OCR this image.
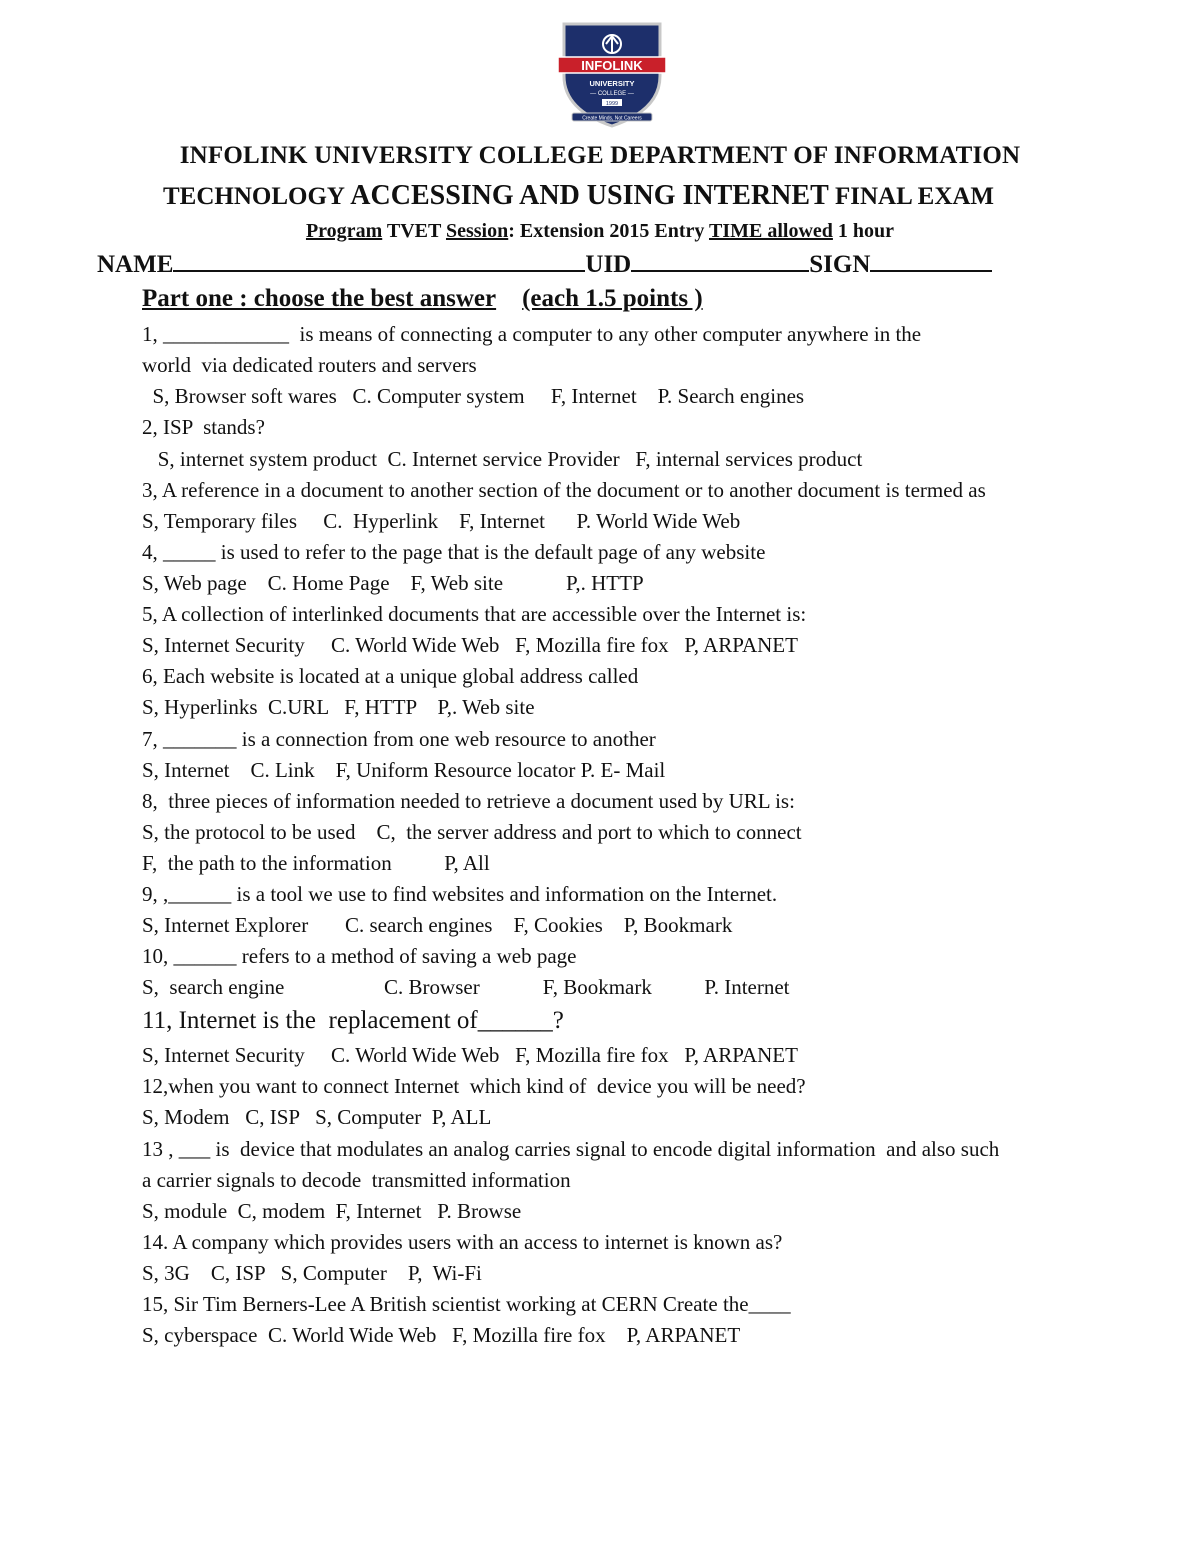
INFOLINK
UNIVERSITY
— COLLEGE —
1999
Create Minds, Not Careers
INFOLINK UNIVERSITY COLLEGE DEPARTMENT OF INFORMATION
TECHNOLOGY ACCESSING AND USING INTERNET FINAL EXAM
Program TVET Session: Extension 2015 Entry TIME allowed 1 hour
NAME	UID	SIGN
Part one : choose the best answer (each 1.5 points )
1, ____________  is means of connecting a computer to any other computer anywhere in the
world  via dedicated routers and servers
S, Browser soft wares   C. Computer system     F, Internet    P. Search engines
2, ISP  stands?
S, internet system product  C. Internet service Provider   F, internal services product
3, A reference in a document to another section of the document or to another document is termed as
S, Temporary files     C.  Hyperlink    F, Internet      P. World Wide Web
4, _____ is used to refer to the page that is the default page of any website
S, Web page    C. Home Page    F, Web site            P,. HTTP
5, A collection of interlinked documents that are accessible over the Internet is:
S, Internet Security     C. World Wide Web   F, Mozilla fire fox   P, ARPANET
6, Each website is located at a unique global address called
S, Hyperlinks  C.URL   F, HTTP    P,. Web site
7, _______ is a connection from one web resource to another
S, Internet    C. Link    F, Uniform Resource locator P. E- Mail
8,  three pieces of information needed to retrieve a document used by URL is:
S, the protocol to be used    C,  the server address and port to which to connect
F,  the path to the information          P, All
9, ,______ is a tool we use to find websites and information on the Internet.
S, Internet Explorer       C. search engines    F, Cookies    P, Bookmark
10, ______ refers to a method of saving a web page
S,  search engine                   C. Browser            F, Bookmark          P. Internet
11, Internet is the  replacement of______?
S, Internet Security     C. World Wide Web   F, Mozilla fire fox   P, ARPANET
12,when you want to connect Internet  which kind of  device you will be need?
S, Modem   C, ISP   S, Computer  P, ALL
13 , ___ is  device that modulates an analog carries signal to encode digital information  and also such
a carrier signals to decode  transmitted information
S, module  C, modem  F, Internet   P. Browse
14. A company which provides users with an access to internet is known as?
S, 3G    C, ISP   S, Computer    P,  Wi-Fi
15, Sir Tim Berners-Lee A British scientist working at CERN Create the____
S, cyberspace  C. World Wide Web   F, Mozilla fire fox    P, ARPANET
